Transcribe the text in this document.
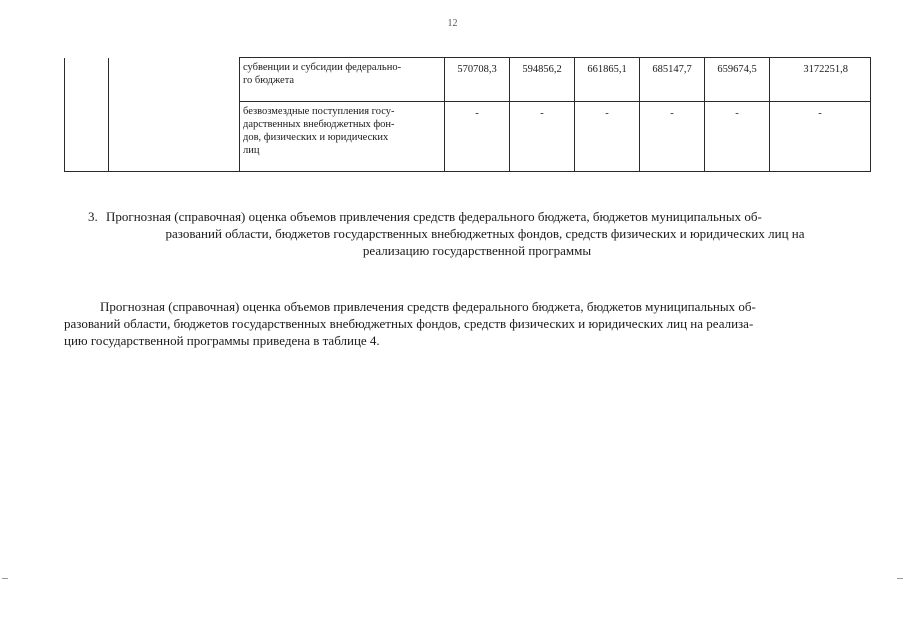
12

		субвенции и субсидии федерально-
го бюджета	570708,3	594856,2	661865,1	685147,7	659674,5	3172251,8

		безвозмездные поступления госу-
дарственных внебюджетных фон-
дов, физических и юридических
лиц	-	-	-	-	-	-
3. Прогнозная (справочная) оценка объемов привлечения средств федерального бюджета, бюджетов муниципальных об-
разований области, бюджетов государственных внебюджетных фондов, средств физических и юридических лиц на
реализацию государственной программы
Прогнозная (справочная) оценка объемов привлечения средств федерального бюджета, бюджетов муниципальных об-
разований области, бюджетов государственных внебюджетных фондов, средств физических и юридических лиц на реализа-
цию государственной программы приведена в таблице 4.
